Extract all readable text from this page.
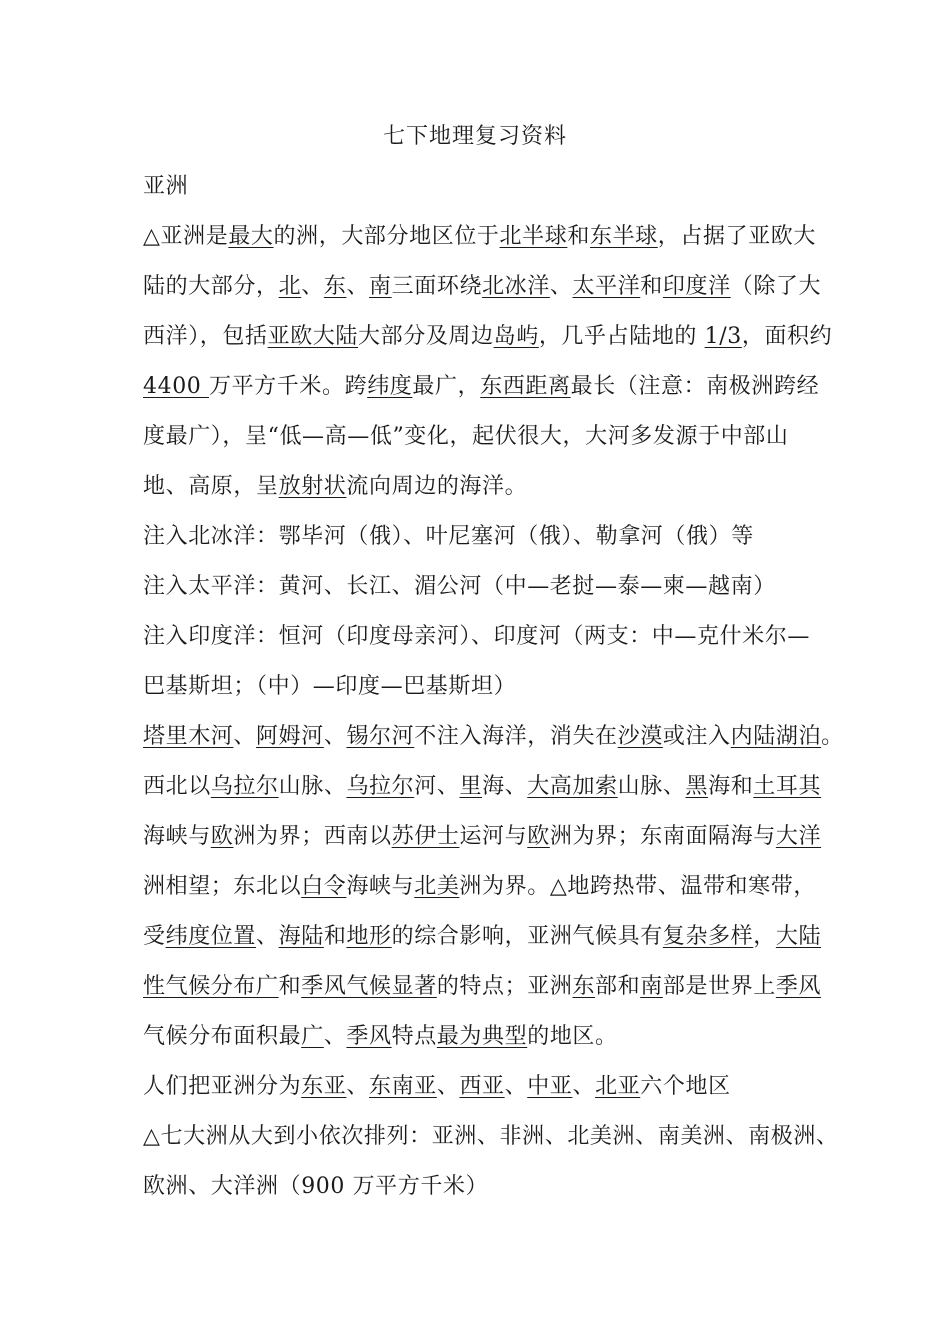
七下地理复习资料
亚洲
△亚洲是最大的洲，大部分地区位于北半球和东半球，占据了亚欧大
陆的大部分，北、东、南三面环绕北冰洋、太平洋和印度洋（除了大
西洋），包括亚欧大陆大部分及周边岛屿，几乎占陆地的 1/3，面积约
4400 万平方千米。跨纬度最广，东西距离最长（注意：南极洲跨经
度最广），呈“低—高—低”变化，起伏很大，大河多发源于中部山
地、高原，呈放射状流向周边的海洋。
注入北冰洋：鄂毕河（俄）、叶尼塞河（俄）、勒拿河（俄）等
注入太平洋：黄河、长江、湄公河（中—老挝—泰—柬—越南）
注入印度洋：恒河（印度母亲河）、印度河（两支：中—克什米尔—
巴基斯坦；（中）—印度—巴基斯坦）
塔里木河、阿姆河、锡尔河不注入海洋，消失在沙漠或注入内陆湖泊。
西北以乌拉尔山脉、乌拉尔河、里海、大高加索山脉、黑海和土耳其
海峡与欧洲为界；西南以苏伊士运河与欧洲为界；东南面隔海与大洋
洲相望；东北以白令海峡与北美洲为界。△地跨热带、温带和寒带，
受纬度位置、海陆和地形的综合影响，亚洲气候具有复杂多样，大陆
性气候分布广和季风气候显著的特点；亚洲东部和南部是世界上季风
气候分布面积最广、季风特点最为典型的地区。
人们把亚洲分为东亚、东南亚、西亚、中亚、北亚六个地区
△七大洲从大到小依次排列：亚洲、非洲、北美洲、南美洲、南极洲、
欧洲、大洋洲（900 万平方千米）
